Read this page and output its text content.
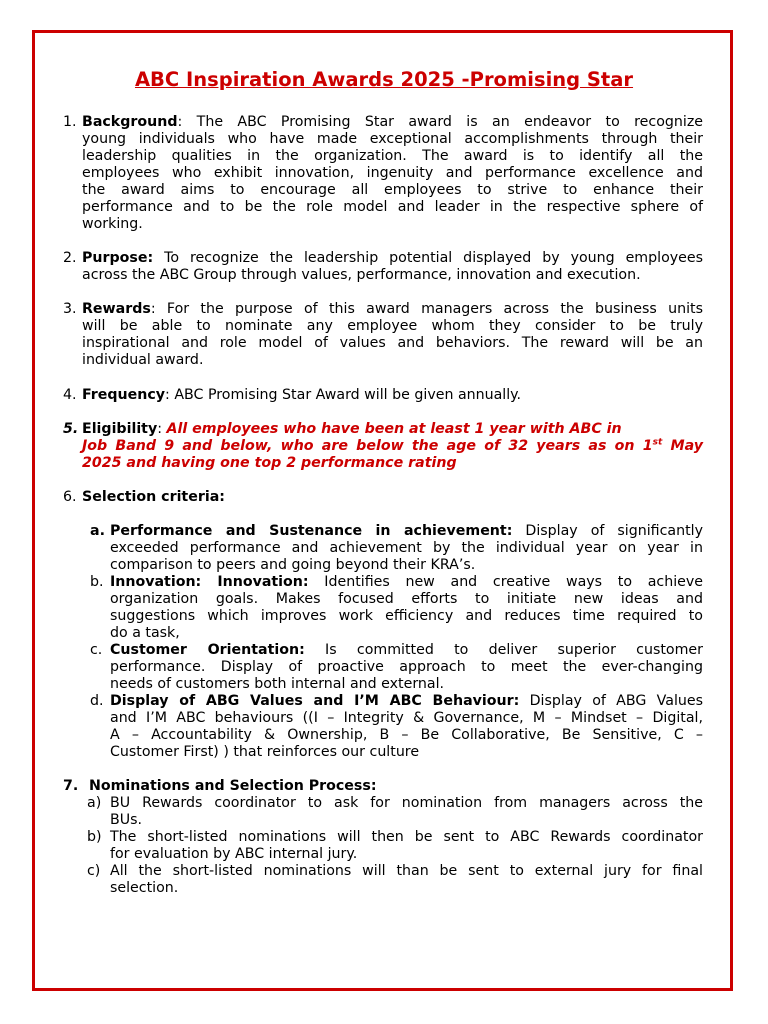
ABC Inspiration Awards 2025 -Promising Star
1. Background: The ABC Promising Star award is an endeavor to recognize
young individuals who have made exceptional accomplishments through their
leadership qualities in the organization. The award is to identify all the
employees who exhibit innovation, ingenuity and performance excellence and
the award aims to encourage all employees to strive to enhance their
performance and to be the role model and leader in the respective sphere of
working.
2. Purpose: To recognize the leadership potential displayed by young employees
across the ABC Group through values, performance, innovation and execution.
3. Rewards: For the purpose of this award managers across the business units
will be able to nominate any employee whom they consider to be truly
inspirational and role model of values and behaviors. The reward will be an
individual award.
4. Frequency: ABC Promising Star Award will be given annually.
5. Eligibility: All employees who have been at least 1 year with ABC in
Job Band 9 and below, who are below the age of 32 years as on 1st May
2025 and having one top 2 performance rating
6. Selection criteria:
a. Performance and Sustenance in achievement: Display of significantly
exceeded performance and achievement by the individual year on year in
comparison to peers and going beyond their KRA’s.
b. Innovation: Innovation: Identifies new and creative ways to achieve
organization goals. Makes focused efforts to initiate new ideas and
suggestions which improves work efficiency and reduces time required to
do a task,
c. Customer Orientation: Is committed to deliver superior customer
performance. Display of proactive approach to meet the ever-changing
needs of customers both internal and external.
d. Display of ABG Values and I’M ABC Behaviour: Display of ABG Values
and I’M ABC behaviours ((I – Integrity & Governance, M – Mindset – Digital,
A – Accountability & Ownership, B – Be Collaborative, Be Sensitive, C –
Customer First) ) that reinforces our culture
7. Nominations and Selection Process:
a) BU Rewards coordinator to ask for nomination from managers across the
BUs.
b) The short-listed nominations will then be sent to ABC Rewards coordinator
for evaluation by ABC internal jury.
c) All the short-listed nominations will than be sent to external jury for final
selection.
